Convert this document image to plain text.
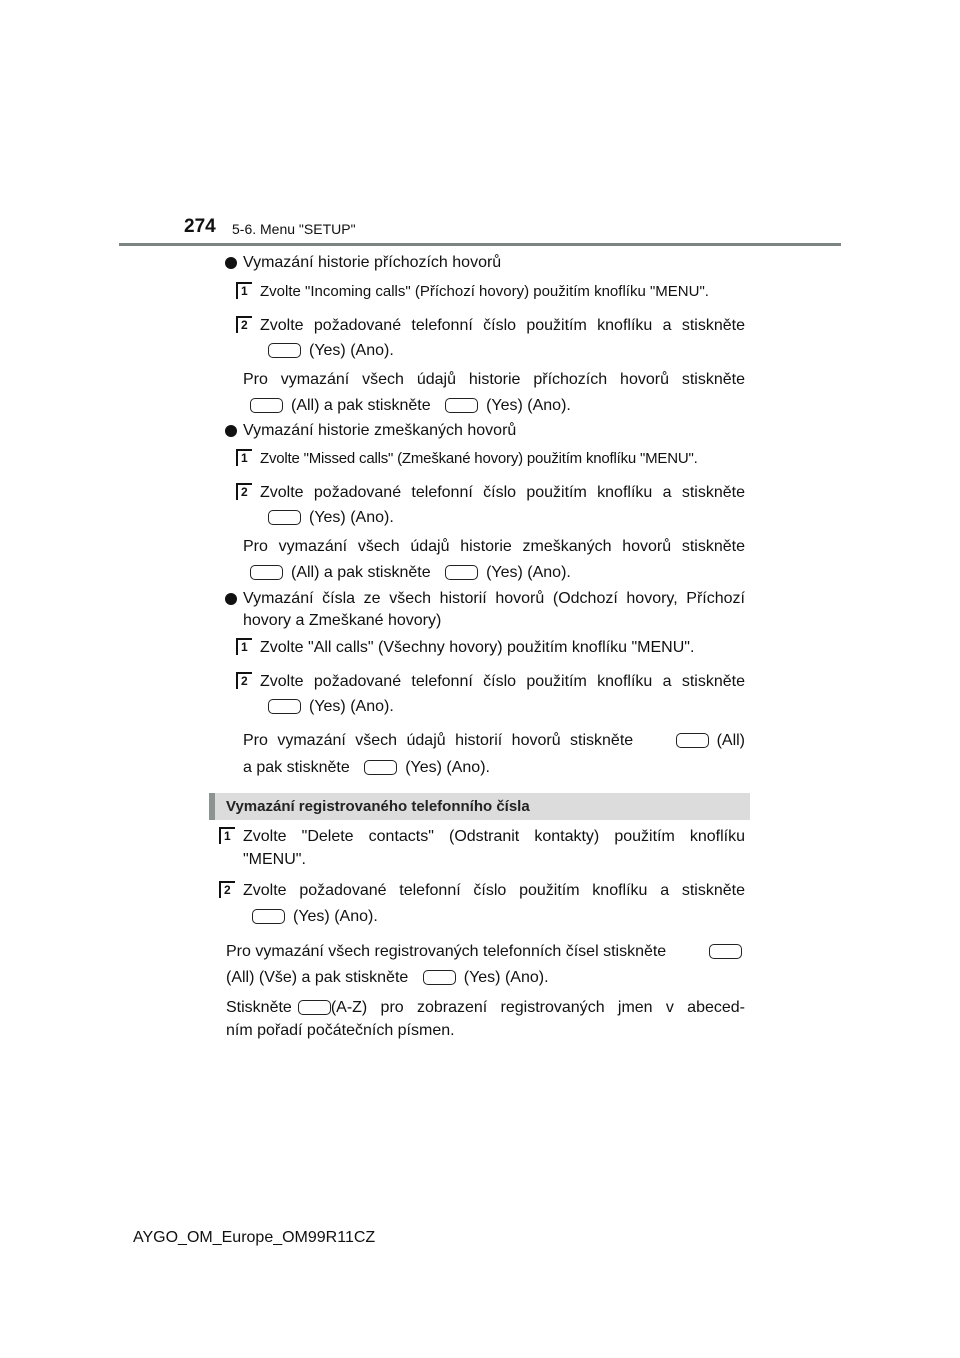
274 5-6. Menu "SETUP"
Vymazání historie příchozích hovorů
1 Zvolte "Incoming calls" (Příchozí hovory) použitím knoflíku "MENU".
2 Zvolte požadované telefonní číslo použitím knoflíku a stiskněte
(Yes) (Ano).
Pro vymazání všech údajů historie příchozích hovorů stiskněte
(All) a pak stiskněte	(Yes) (Ano).
Vymazání historie zmeškaných hovorů
1 Zvolte "Missed calls" (Zmeškané hovory) použitím knoflíku "MENU".
2 Zvolte požadované telefonní číslo použitím knoflíku a stiskněte
(Yes) (Ano).
Pro vymazání všech údajů historie zmeškaných hovorů stiskněte
(All) a pak stiskněte	(Yes) (Ano).
Vymazání čísla ze všech historií hovorů (Odchozí hovory, Příchozí
hovory a Zmeškané hovory)
1 Zvolte "All calls" (Všechny hovory) použitím knoflíku "MENU".
2 Zvolte požadované telefonní číslo použitím knoflíku a stiskněte
(Yes) (Ano).
Pro vymazání všech údajů historií hovorů stiskněte	(All)
a pak stiskněte	(Yes) (Ano).
Vymazání registrovaného telefonního čísla
1 Zvolte "Delete contacts" (Odstranit kontakty) použitím knoflíku
"MENU".
2 Zvolte požadované telefonní číslo použitím knoflíku a stiskněte
(Yes) (Ano).
Pro vymazání všech registrovaných telefonních čísel stiskněte
(All) (Vše) a pak stiskněte	(Yes) (Ano).
Stiskněte (A-Z) pro zobrazení registrovaných jmen v abeced-
ním pořadí počátečních písmen.
AYGO_OM_Europe_OM99R11CZ
